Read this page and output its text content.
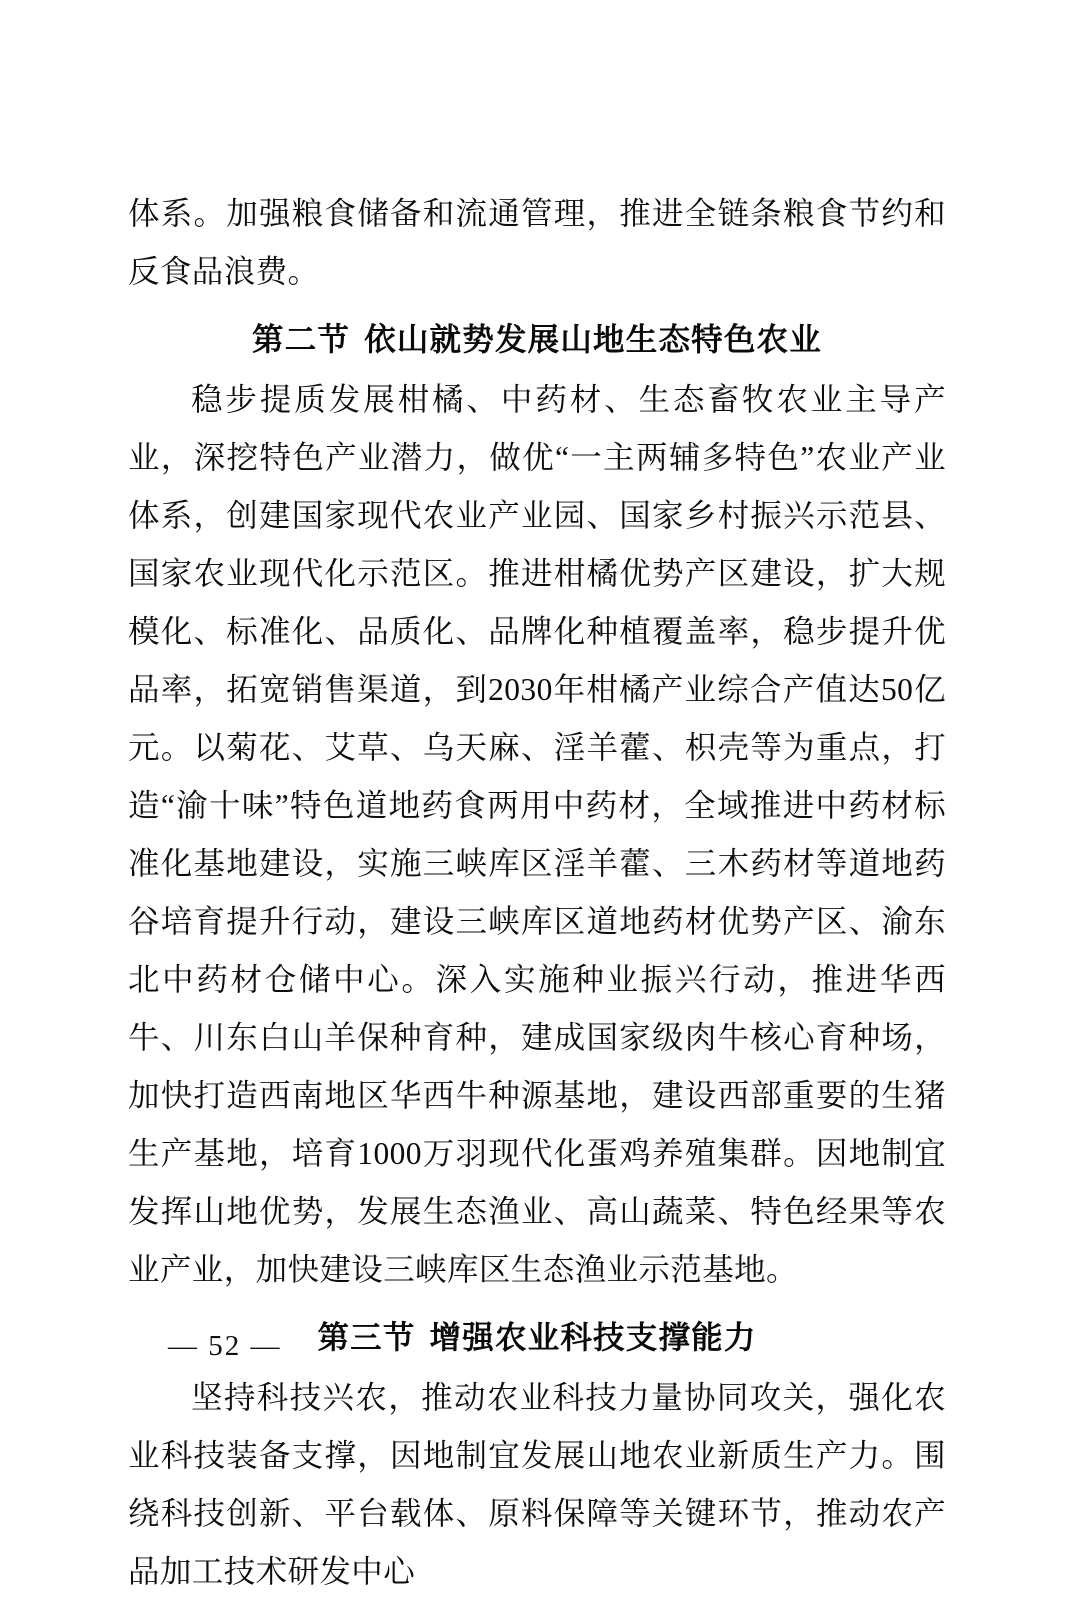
体系。加强粮食储备和流通管理，推进全链条粮食节约和反食品浪费。

第二节 依山就势发展山地生态特色农业

稳步提质发展柑橘、中药材、生态畜牧农业主导产业，深挖特色产业潜力，做优“一主两辅多特色”农业产业体系，创建国家现代农业产业园、国家乡村振兴示范县、国家农业现代化示范区。推进柑橘优势产区建设，扩大规模化、标准化、品质化、品牌化种植覆盖率，稳步提升优品率，拓宽销售渠道，到2030年柑橘产业综合产值达50亿元。以菊花、艾草、乌天麻、淫羊藿、枳壳等为重点，打造“渝十味”特色道地药食两用中药材，全域推进中药材标准化基地建设，实施三峡库区淫羊藿、三木药材等道地药谷培育提升行动，建设三峡库区道地药材优势产区、渝东北中药材仓储中心。深入实施种业振兴行动，推进华西牛、川东白山羊保种育种，建成国家级肉牛核心育种场，加快打造西南地区华西牛种源基地，建设西部重要的生猪生产基地，培育1000万羽现代化蛋鸡养殖集群。因地制宜发挥山地优势，发展生态渔业、高山蔬菜、特色经果等农业产业，加快建设三峡库区生态渔业示范基地。

第三节 增强农业科技支撑能力

坚持科技兴农，推动农业科技力量协同攻关，强化农业科技装备支撑，因地制宜发展山地农业新质生产力。围绕科技创新、平台载体、原料保障等关键环节，推动农产品加工技术研发中心

— 52 —
